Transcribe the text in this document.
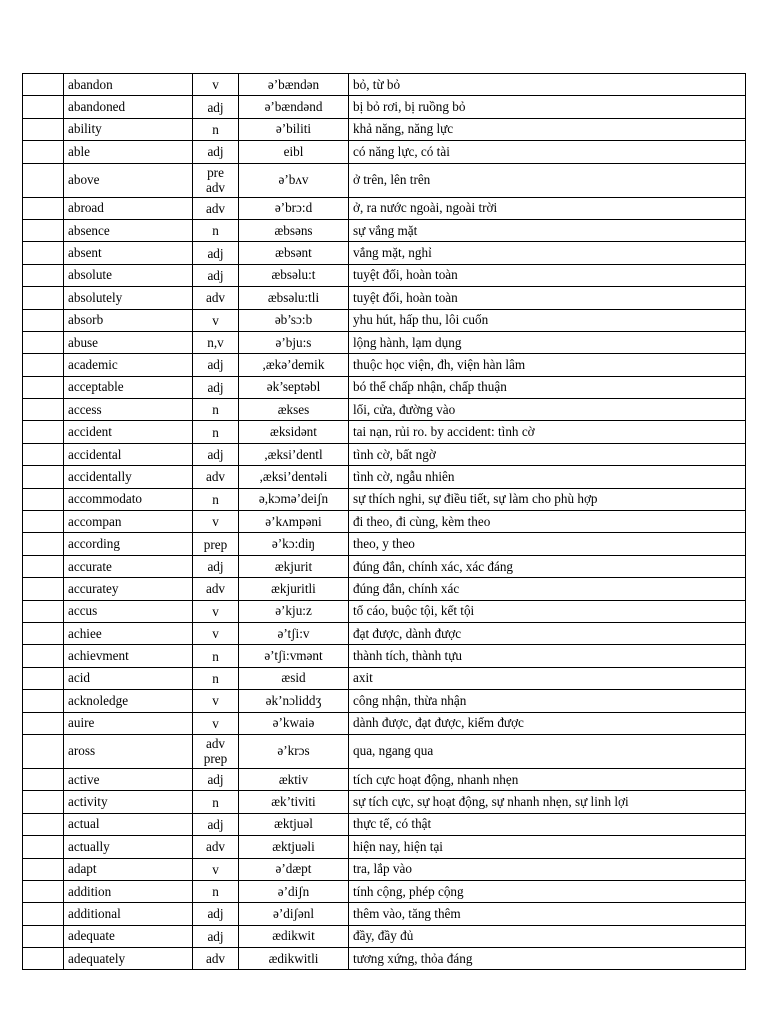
	abandon	v	ə’bændən	bỏ, từ bỏ
	abandoned	adj	ə’bændənd	bị bỏ rơi, bị ruồng bỏ
	ability	n	ə’biliti	khả năng, năng lực
	able	adj	eibl	có năng lực, có tài
	above	pre adv	ə’bʌv	ở trên, lên trên
	abroad	adv	ə’brɔ:d	ở, ra nước ngoài, ngoài trời
	absence	n	æbsəns	sự vắng mặt
	absent	adj	æbsənt	vắng mặt, nghỉ
	absolute	adj	æbsəlu:t	tuyệt đối, hoàn toàn
	absolutely	adv	æbsəlu:tli	tuyệt đối, hoàn toàn
	absorb	v	əb’sɔ:b	yhu hút, hấp thu, lôi cuốn
	abuse	n,v	ə’bju:s	lộng hành, lạm dụng
	academic	adj	,ækə’demik	thuộc học viện, đh, viện hàn lâm
	acceptable	adj	ək’septəbl	bó thể chấp nhận, chấp thuận
	access	n	ækses	lối, cửa, đường vào
	accident	n	æksidənt	tai nạn, rủi ro. by accident: tình cờ
	accidental	adj	,æksi’dentl	tình cờ, bất ngờ
	accidentally	adv	,æksi’dentəli	tình cờ, ngẫu nhiên
	accommodato	n	ə,kɔmə’deiʃn	sự thích nghi, sự điều tiết, sự làm cho phù hợp
	accompan	v	ə’kʌmpəni	đi theo, đi cùng, kèm theo
	according	prep	ə’kɔ:diŋ	theo, y theo
	accurate	adj	ækjurit	đúng đắn, chính xác, xác đáng
	accuratey	adv	ækjuritli	đúng đắn, chính xác
	accus	v	ə’kju:z	tố cáo, buộc tội, kết tội
	achiee	v	ə’tʃi:v	đạt được, dành được
	achievment	n	ə’tʃi:vmənt	thành tích, thành tựu
	acid	n	æsid	axit
	acknoledge	v	ək’nɔliddʒ	công nhận, thừa nhận
	auire	v	ə’kwaiə	dành được, đạt được, kiếm được
	aross	adv prep	ə’krɔs	qua, ngang qua
	active	adj	æktiv	tích cực hoạt động, nhanh nhẹn
	activity	n	æk’tiviti	sự tích cực, sự hoạt động, sự nhanh nhẹn, sự linh lợi
	actual	adj	æktjuəl	thực tế, có thật
	actually	adv	æktjuəli	hiện nay, hiện tại
	adapt	v	ə’dæpt	tra, lắp vào
	addition	n	ə’diʃn	tính cộng, phép cộng
	additional	adj	ə’diʃənl	thêm vào, tăng thêm
	adequate	adj	ædikwit	đầy, đầy đủ
	adequately	adv	ædikwitli	tương xứng, thỏa đáng
